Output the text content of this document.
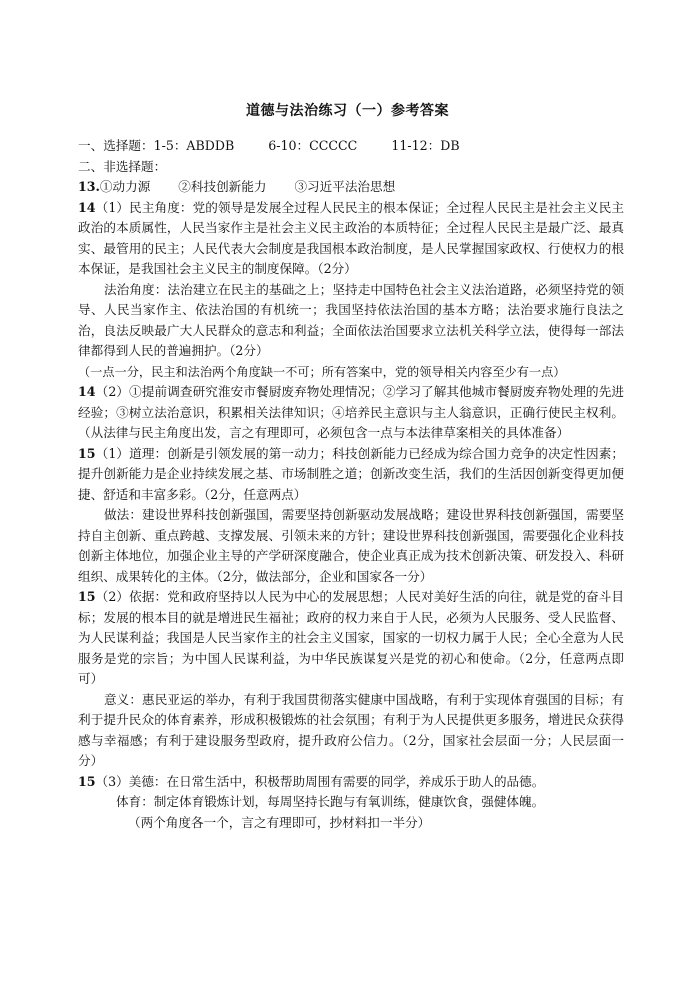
道德与法治练习（一）参考答案

一、选择题：1-5：ABDDB	6-10：CCCCC	11-12：DB

二、非选择题：

13.①动力源 ②科技创新能力 ③习近平法治思想

14（1）民主角度：党的领导是发展全过程人民民主的根本保证；全过程人民民主是社会主义民主政治的本质属性，人民当家作主是社会主义民主政治的本质特征；全过程人民民主是最广泛、最真实、最管用的民主；人民代表大会制度是我国根本政治制度，是人民掌握国家政权、行使权力的根本保证，是我国社会主义民主的制度保障。（2分）

法治角度：法治建立在民主的基础之上；坚持走中国特色社会主义法治道路，必须坚持党的领导、人民当家作主、依法治国的有机统一；我国坚持依法治国的基本方略；法治要求施行良法之治，良法反映最广大人民群众的意志和利益；全面依法治国要求立法机关科学立法，使得每一部法律都得到人民的普遍拥护。（2分）

（一点一分，民主和法治两个角度缺一不可；所有答案中，党的领导相关内容至少有一点）

14（2）①提前调查研究淮安市餐厨废弃物处理情况；②学习了解其他城市餐厨废弃物处理的先进经验；③树立法治意识，积累相关法律知识；④培养民主意识与主人翁意识，正确行使民主权利。（从法律与民主角度出发，言之有理即可，必须包含一点与本法律草案相关的具体准备）

15（1）道理：创新是引领发展的第一动力；科技创新能力已经成为综合国力竞争的决定性因素；提升创新能力是企业持续发展之基、市场制胜之道；创新改变生活，我们的生活因创新变得更加便捷、舒适和丰富多彩。（2分，任意两点）

做法：建设世界科技创新强国，需要坚持创新驱动发展战略；建设世界科技创新强国，需要坚持自主创新、重点跨越、支撑发展、引领未来的方针；建设世界科技创新强国，需要强化企业科技创新主体地位，加强企业主导的产学研深度融合，使企业真正成为技术创新决策、研发投入、科研组织、成果转化的主体。（2分，做法部分，企业和国家各一分）

15（2）依据：党和政府坚持以人民为中心的发展思想；人民对美好生活的向往，就是党的奋斗目标；发展的根本目的就是增进民生福祉；政府的权力来自于人民，必须为人民服务、受人民监督、为人民谋利益；我国是人民当家作主的社会主义国家，国家的一切权力属于人民；全心全意为人民服务是党的宗旨；为中国人民谋利益，为中华民族谋复兴是党的初心和使命。（2分，任意两点即可）

意义：惠民亚运的举办，有利于我国贯彻落实健康中国战略，有利于实现体育强国的目标；有利于提升民众的体育素养，形成积极锻炼的社会氛围；有利于为人民提供更多服务，增进民众获得感与幸福感；有利于建设服务型政府，提升政府公信力。（2分，国家社会层面一分；人民层面一分）

15（3）美德：在日常生活中，积极帮助周围有需要的同学，养成乐于助人的品德。

体育：制定体育锻炼计划，每周坚持长跑与有氧训练，健康饮食，强健体魄。

（两个角度各一个，言之有理即可，抄材料扣一半分）
